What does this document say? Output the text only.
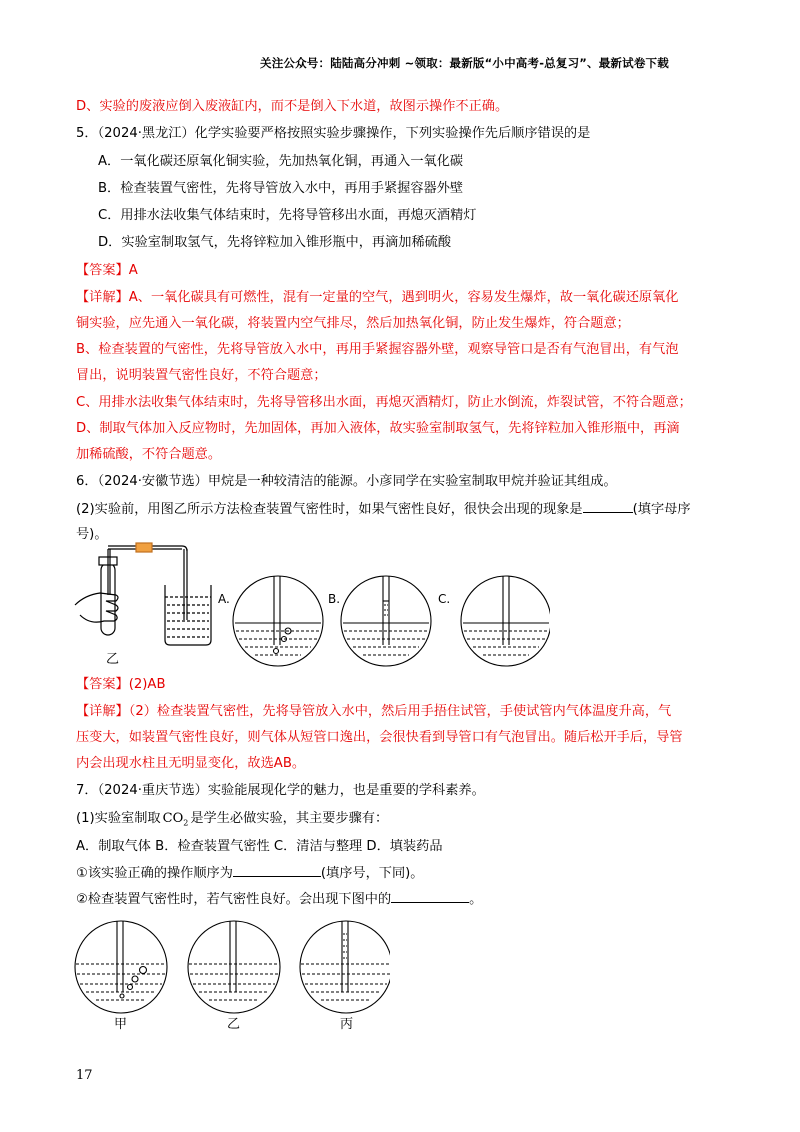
关注公众号：陆陆高分冲刺 ~领取：最新版“小中高考-总复习”、最新试卷下载
D、实验的废液应倒入废液缸内，而不是倒入下水道，故图示操作不正确。
5．（2024·黑龙江）化学实验要严格按照实验步骤操作，下列实验操作先后顺序错误的是
A．一氧化碳还原氧化铜实验，先加热氧化铜，再通入一氧化碳
B．检查装置气密性，先将导管放入水中，再用手紧握容器外壁
C．用排水法收集气体结束时，先将导管移出水面，再熄灭酒精灯
D．实验室制取氢气，先将锌粒加入锥形瓶中，再滴加稀硫酸
【答案】A
【详解】A、一氧化碳具有可燃性，混有一定量的空气，遇到明火，容易发生爆炸，故一氧化碳还原氧化
铜实验，应先通入一氧化碳，将装置内空气排尽，然后加热氧化铜，防止发生爆炸，符合题意；
B、检查装置的气密性，先将导管放入水中，再用手紧握容器外壁，观察导管口是否有气泡冒出，有气泡
冒出，说明装置气密性良好，不符合题意；
C、用排水法收集气体结束时，先将导管移出水面，再熄灭酒精灯，防止水倒流，炸裂试管，不符合题意；
D、制取气体加入反应物时，先加固体，再加入液体，故实验室制取氢气，先将锌粒加入锥形瓶中，再滴
加稀硫酸，不符合题意。
6．（2024·安徽节选）甲烷是一种较清洁的能源。小彦同学在实验室制取甲烷并验证其组成。
(2)实验前，用图乙所示方法检查装置气密性时，如果气密性良好，很快会出现的现象是	(填字母序
号)。
乙
A.	B.	C.
【答案】(2)AB
【详解】（2）检查装置气密性，先将导管放入水中，然后用手捂住试管，手使试管内气体温度升高，气
压变大，如装置气密性良好，则气体从短管口逸出，会很快看到导管口有气泡冒出。随后松开手后，导管
内会出现水柱且无明显变化，故选AB。
7．（2024·重庆节选）实验能展现化学的魅力，也是重要的学科素养。
(1)实验室制取 $CO_2$ 是学生必做实验，其主要步骤有：
A．制取气体 B．检查装置气密性 C．清洁与整理 D．填装药品
①该实验正确的操作顺序为	(填序号，下同)。
②检查装置气密性时，若气密性良好。会出现下图中的	。
甲	乙	丙
17
